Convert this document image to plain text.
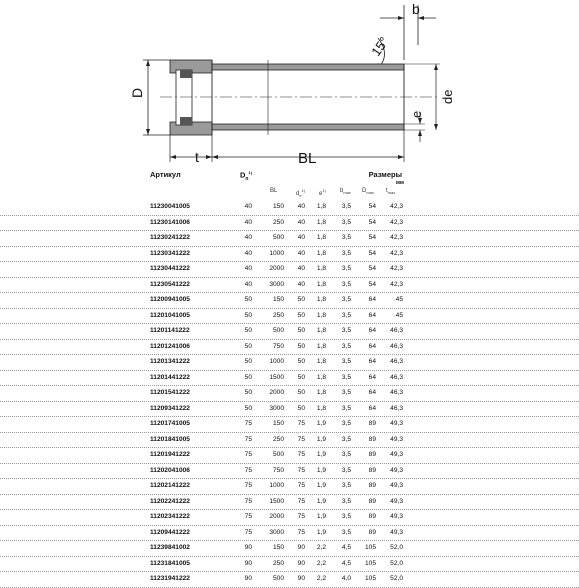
D
t	BL
b
15°
e
de
Артикул	$D_n^{1)}$	Размеры
мм
BL	$d_e^{1)}$
$e^{1)}$ $b_{max}$ $D_{max}$ $t_{max}$
11230041005	40	150	40	1,8	3,5	54	42,3
11230141006	40	250	40	1,8	3,5	54	42,3
11230241222	40	500	40	1,8	3,5	54	42,3
11230341222	40	1000	40	1,8	3,5	54	42,3
11230441222	40	2000	40	1,8	3,5	54	42,3
11230541222	40	3000	40	1,8	3,5	54	42,3
11200941005	50	150	50	1,8	3,5	64	45
11201041005	50	250	50	1,8	3,5	64	45
11201141222	50	500	50	1,8	3,5	64	46,3
11201241006	50	750	50	1,8	3,5	64	46,3
11201341222	50	1000	50	1,8	3,5	64	46,3
11201441222	50	1500	50	1,8	3,5	64	46,3
11201541222	50	2000	50	1,8	3,5	64	46,3
11209341222	50	3000	50	1,8	3,5	64	46,3
11201741005	75	150	75	1,9	3,5	89	49,3
11201841005	75	250	75	1,9	3,5	89	49,3
11201941222	75	500	75	1,9	3,5	89	49,3
11202041006	75	750	75	1,9	3,5	89	49,3
11202141222	75	1000	75	1,9	3,5	89	49,3
11202241222	75	1500	75	1,9	3,5	89	49,3
11202341222	75	2000	75	1,9	3,5	89	49,3
11209441222	75	3000	75	1,9	3,5	89	49,3
11239841002	90	150	90	2,2	4,5	105	52,0
11231841005	90	250	90	2,2	4,5	105	52,0
11231941222	90	500	90	2,2	4,0	105	52,0
